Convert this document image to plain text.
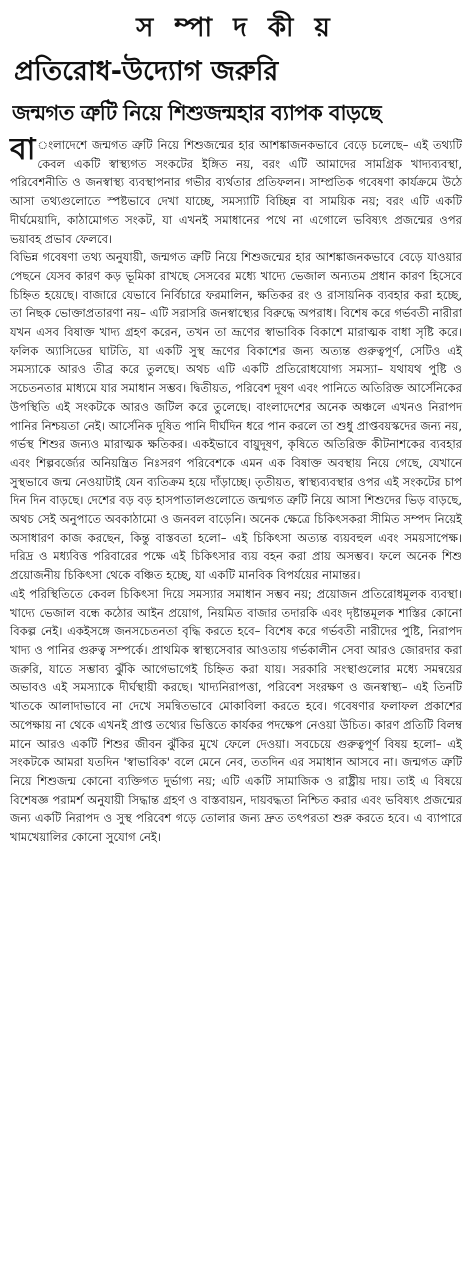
স ম্পা দ কী য়
প্রতিরোধ-উদ্যোগ জরুরি
জন্মগত ত্রুটি নিয়ে শিশুজন্মহার ব্যাপক বাড়ছে

বা ংলাদেশে জন্মগত ত্রুটি নিয়ে শিশুজন্মের হার আশঙ্কাজনকভাবে বেড়ে চলেছে– এই তথ্যটি কেবল একটি স্বাস্থ্যগত সংকটের ইঙ্গিত নয়, বরং এটি আমাদের সামগ্রিক খাদ্যব্যবস্থা, পরিবেশনীতি ও জনস্বাস্থ্য ব্যবস্থাপনার গভীর ব্যর্থতার প্রতিফলন। সাম্প্রতিক গবেষণা কার্যক্রমে উঠে আসা তথ্যগুলোতে স্পষ্টভাবে দেখা যাচ্ছে, সমস্যাটি বিচ্ছিন্ন বা সাময়িক নয়; বরং এটি একটি দীর্ঘমেয়াদি, কাঠামোগত সংকট, যা এখনই সমাধানের পথে না এগোলে ভবিষ্যৎ প্রজন্মের ওপর ভয়াবহ প্রভাব ফেলবে।

বিভিন্ন গবেষণা তথ্য অনুযায়ী, জন্মগত ত্রুটি নিয়ে শিশুজন্মের হার আশঙ্কাজনকভাবে বেড়ে যাওয়ার পেছনে যেসব কারণ কড় ভূমিকা রাখছে সেসবের মধ্যে খাদ্যে ভেজাল অন্যতম প্রধান কারণ হিসেবে চিহ্নিত হয়েছে। বাজারে যেভাবে নির্বিচারে ফরমালিন, ক্ষতিকর রং ও রাসায়নিক ব্যবহার করা হচ্ছে, তা নিছক ভোক্তাপ্রতারণা নয়– এটি সরাসরি জনস্বাস্থ্যের বিরুদ্ধে অপরাধ। বিশেষ করে গর্ভবতী নারীরা যখন এসব বিষাক্ত খাদ্য গ্রহণ করেন, তখন তা ভ্রূণের স্বাভাবিক বিকাশে মারাত্মক বাধা সৃষ্টি করে। ফলিক অ্যাসিডের ঘাটতি, যা একটি সুস্থ ভ্রূণের বিকাশের জন্য অত্যন্ত গুরুত্বপূর্ণ, সেটিও এই সমস্যাকে আরও তীব্র করে তুলছে। অথচ এটি একটি প্রতিরোধযোগ্য সমস্যা– যথাযথ পুষ্টি ও সচেতনতার মাধ্যমে যার সমাধান সম্ভব। দ্বিতীয়ত, পরিবেশ দূষণ এবং পানিতে অতিরিক্ত আর্সেনিকের উপস্থিতি এই সংকটকে আরও জটিল করে তুলেছে। বাংলাদেশের অনেক অঞ্চলে এখনও নিরাপদ পানির নিশ্চয়তা নেই। আর্সেনিক দূষিত পানি দীর্ঘদিন ধরে পান করলে তা শুধু প্রাপ্তবয়স্কদের জন্য নয়, গর্ভস্থ শিশুর জন্যও মারাত্মক ক্ষতিকর। একইভাবে বায়ুদূষণ, কৃষিতে অতিরিক্ত কীটনাশকের ব্যবহার এবং শিল্পবর্জ্যের অনিয়ন্ত্রিত নিঃসরণ পরিবেশকে এমন এক বিষাক্ত অবস্থায় নিয়ে গেছে, যেখানে সুস্থভাবে জন্ম নেওয়াটাই যেন ব্যতিক্রম হয়ে দাঁড়াচ্ছে। তৃতীয়ত, স্বাস্থ্যব্যবস্থার ওপর এই সংকটের চাপ দিন দিন বাড়ছে। দেশের বড় বড় হাসপাতালগুলোতে জন্মগত ত্রুটি নিয়ে আসা শিশুদের ভিড় বাড়ছে, অথচ সেই অনুপাতে অবকাঠামো ও জনবল বাড়েনি। অনেক ক্ষেত্রে চিকিৎসকরা সীমিত সম্পদ নিয়েই অসাধারণ কাজ করছেন, কিন্তু বাস্তবতা হলো– এই চিকিৎসা অত্যন্ত ব্যয়বহুল এবং সময়সাপেক্ষ। দরিদ্র ও মধ্যবিত্ত পরিবারের পক্ষে এই চিকিৎসার ব্যয় বহন করা প্রায় অসম্ভব। ফলে অনেক শিশু প্রয়োজনীয় চিকিৎসা থেকে বঞ্চিত হচ্ছে, যা একটি মানবিক বিপর্যয়ের নামান্তর।

এই পরিস্থিতিতে কেবল চিকিৎসা দিয়ে সমস্যার সমাধান সম্ভব নয়; প্রয়োজন প্রতিরোধমূলক ব্যবস্থা। খাদ্যে ভেজাল বন্ধে কঠোর আইন প্রয়োগ, নিয়মিত বাজার তদারকি এবং দৃষ্টান্তমূলক শাস্তির কোনো বিকল্প নেই। একইসঙ্গে জনসচেতনতা বৃদ্ধি করতে হবে– বিশেষ করে গর্ভবতী নারীদের পুষ্টি, নিরাপদ খাদ্য ও পানির গুরুত্ব সম্পর্কে। প্রাথমিক স্বাস্থ্যসেবার আওতায় গর্ভকালীন সেবা আরও জোরদার করা জরুরি, যাতে সম্ভাব্য ঝুঁকি আগেভাগেই চিহ্নিত করা যায়। সরকারি সংস্থাগুলোর মধ্যে সমন্বয়ের অভাবও এই সমস্যাকে দীর্ঘস্থায়ী করছে। খাদ্যনিরাপত্তা, পরিবেশ সংরক্ষণ ও জনস্বাস্থ্য– এই তিনটি খাতকে আলাদাভাবে না দেখে সমন্বিতভাবে মোকাবিলা করতে হবে। গবেষণার ফলাফল প্রকাশের অপেক্ষায় না থেকে এখনই প্রাপ্ত তথ্যের ভিত্তিতে কার্যকর পদক্ষেপ নেওয়া উচিত। কারণ প্রতিটি বিলম্ব মানে আরও একটি শিশুর জীবন ঝুঁকির মুখে ফেলে দেওয়া। সবচেয়ে গুরুত্বপূর্ণ বিষয় হলো– এই সংকটকে আমরা যতদিন 'স্বাভাবিক' বলে মেনে নেব, ততদিন এর সমাধান আসবে না। জন্মগত ত্রুটি নিয়ে শিশুজন্ম কোনো ব্যক্তিগত দুর্ভাগ্য নয়; এটি একটি সামাজিক ও রাষ্ট্রীয় দায়। তাই এ বিষয়ে বিশেষজ্ঞ পরামর্শ অনুযায়ী সিদ্ধান্ত গ্রহণ ও বাস্তবায়ন, দায়বদ্ধতা নিশ্চিত করার এবং ভবিষ্যৎ প্রজন্মের জন্য একটি নিরাপদ ও সুস্থ পরিবেশ গড়ে তোলার জন্য দ্রুত তৎপরতা শুরু করতে হবে। এ ব্যাপারে খামখেয়ালির কোনো সুযোগ নেই।
